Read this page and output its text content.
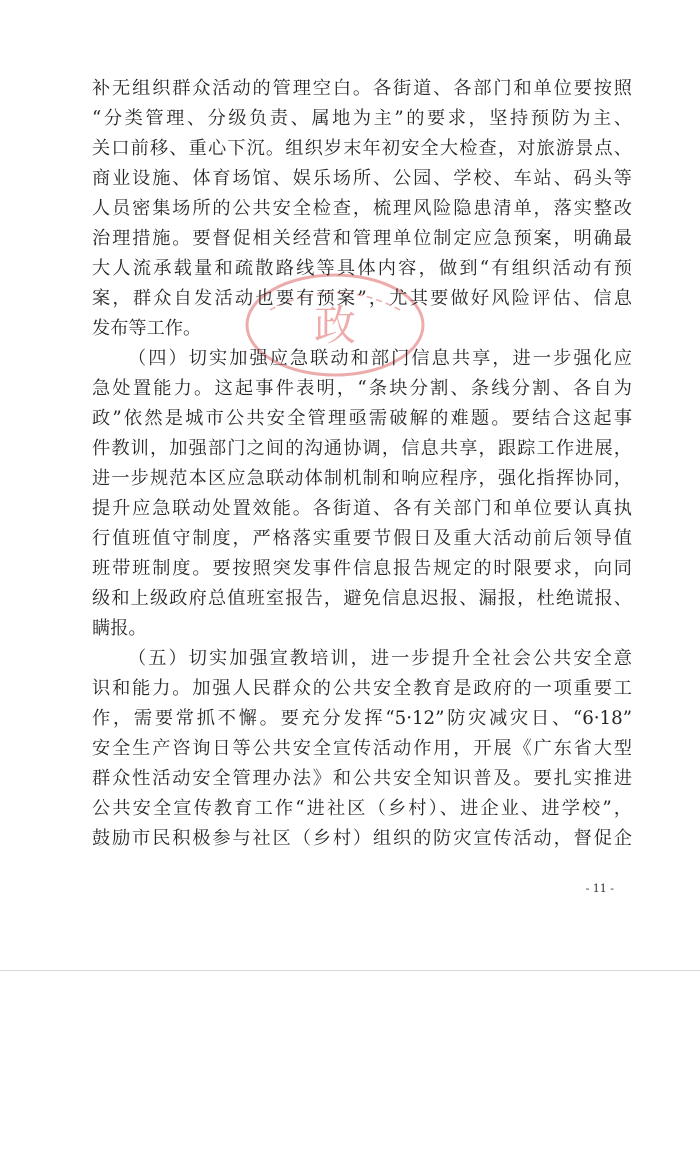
政
补无组织群众活动的管理空白。各街道、各部门和单位要按照
“分类管理、分级负责、属地为主”的要求，坚持预防为主、
关口前移、重心下沉。组织岁末年初安全大检查，对旅游景点、
商业设施、体育场馆、娱乐场所、公园、学校、车站、码头等
人员密集场所的公共安全检查，梳理风险隐患清单，落实整改
治理措施。要督促相关经营和管理单位制定应急预案，明确最
大人流承载量和疏散路线等具体内容，做到“有组织活动有预
案，群众自发活动也要有预案”，尤其要做好风险评估、信息
发布等工作。
（四）切实加强应急联动和部门信息共享，进一步强化应
急处置能力。这起事件表明，“条块分割、条线分割、各自为
政”依然是城市公共安全管理亟需破解的难题。要结合这起事
件教训，加强部门之间的沟通协调，信息共享，跟踪工作进展，
进一步规范本区应急联动体制机制和响应程序，强化指挥协同，
提升应急联动处置效能。各街道、各有关部门和单位要认真执
行值班值守制度，严格落实重要节假日及重大活动前后领导值
班带班制度。要按照突发事件信息报告规定的时限要求，向同
级和上级政府总值班室报告，避免信息迟报、漏报，杜绝谎报、
瞒报。
（五）切实加强宣教培训，进一步提升全社会公共安全意
识和能力。加强人民群众的公共安全教育是政府的一项重要工
作，需要常抓不懈。要充分发挥“5·12”防灾减灾日、“6·18”
安全生产咨询日等公共安全宣传活动作用，开展《广东省大型
群众性活动安全管理办法》和公共安全知识普及。要扎实推进
公共安全宣传教育工作“进社区（乡村）、进企业、进学校”，
鼓励市民积极参与社区（乡村）组织的防灾宣传活动，督促企
- 11 -
